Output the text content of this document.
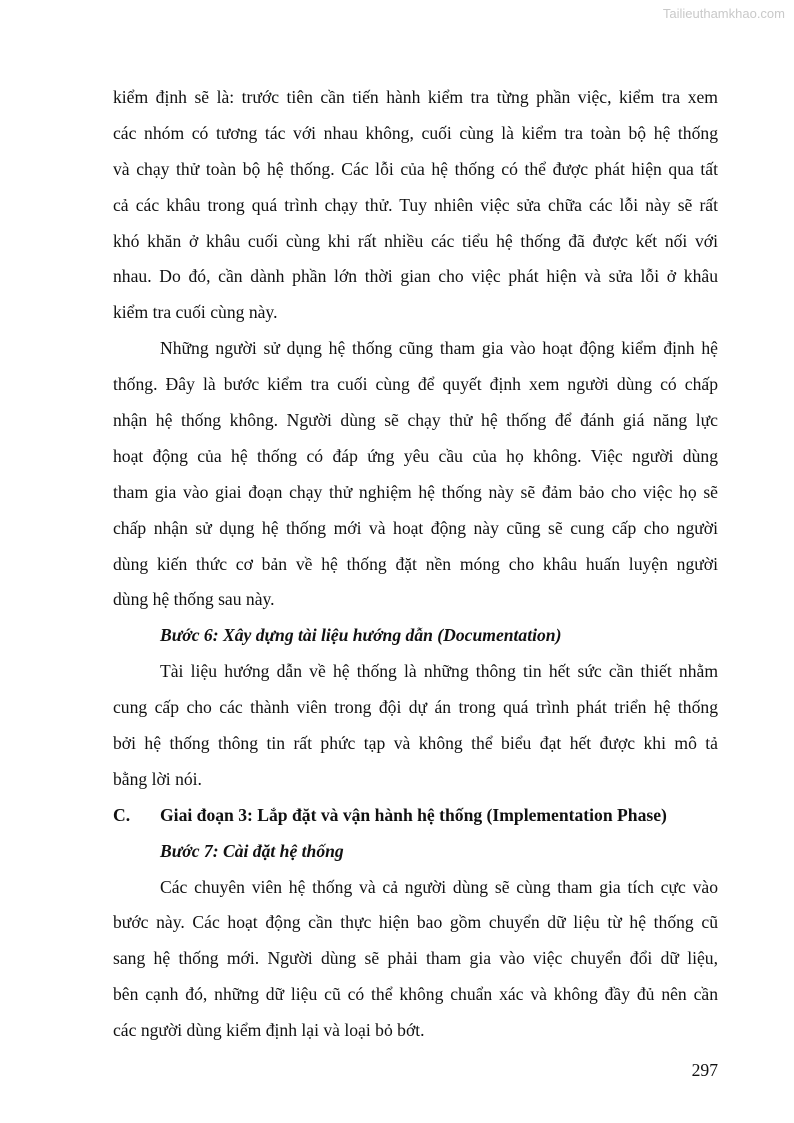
Tailieuthamkhao.com
kiểm định sẽ là: trước tiên cần tiến hành kiểm tra từng phần việc, kiểm tra xem
các nhóm có tương tác với nhau không, cuối cùng là kiểm tra toàn bộ hệ thống
và chạy thử toàn bộ hệ thống. Các lỗi của hệ thống có thể được phát hiện qua tất
cả các khâu trong quá trình chạy thử. Tuy nhiên việc sửa chữa các lỗi này sẽ rất
khó khăn ở khâu cuối cùng khi rất nhiều các tiểu hệ thống đã được kết nối với
nhau. Do đó, cần dành phần lớn thời gian cho việc phát hiện và sửa lỗi ở khâu
kiểm tra cuối cùng này.
Những người sử dụng hệ thống cũng tham gia vào hoạt động kiểm định hệ
thống. Đây là bước kiểm tra cuối cùng để quyết định xem người dùng có chấp
nhận hệ thống không. Người dùng sẽ chạy thử hệ thống để đánh giá năng lực
hoạt động của hệ thống có đáp ứng yêu cầu của họ không. Việc người dùng
tham gia vào giai đoạn chạy thử nghiệm hệ thống này sẽ đảm bảo cho việc họ sẽ
chấp nhận sử dụng hệ thống mới và hoạt động này cũng sẽ cung cấp cho người
dùng kiến thức cơ bản về hệ thống đặt nền móng cho khâu huấn luyện người
dùng hệ thống sau này.
Bước 6: Xây dựng tài liệu hướng dẫn (Documentation)
Tài liệu hướng dẫn về hệ thống là những thông tin hết sức cần thiết nhằm
cung cấp cho các thành viên trong đội dự án trong quá trình phát triển hệ thống
bởi hệ thống thông tin rất phức tạp và không thể biểu đạt hết được khi mô tả
bằng lời nói.
C.	Giai đoạn 3: Lắp đặt và vận hành hệ thống (Implementation Phase)
Bước 7: Cài đặt hệ thống
Các chuyên viên hệ thống và cả người dùng sẽ cùng tham gia tích cực vào
bước này. Các hoạt động cần thực hiện bao gồm chuyển dữ liệu từ hệ thống cũ
sang hệ thống mới. Người dùng sẽ phải tham gia vào việc chuyển đổi dữ liệu,
bên cạnh đó, những dữ liệu cũ có thể không chuẩn xác và không đầy đủ nên cần
các người dùng kiểm định lại và loại bỏ bớt.
297
